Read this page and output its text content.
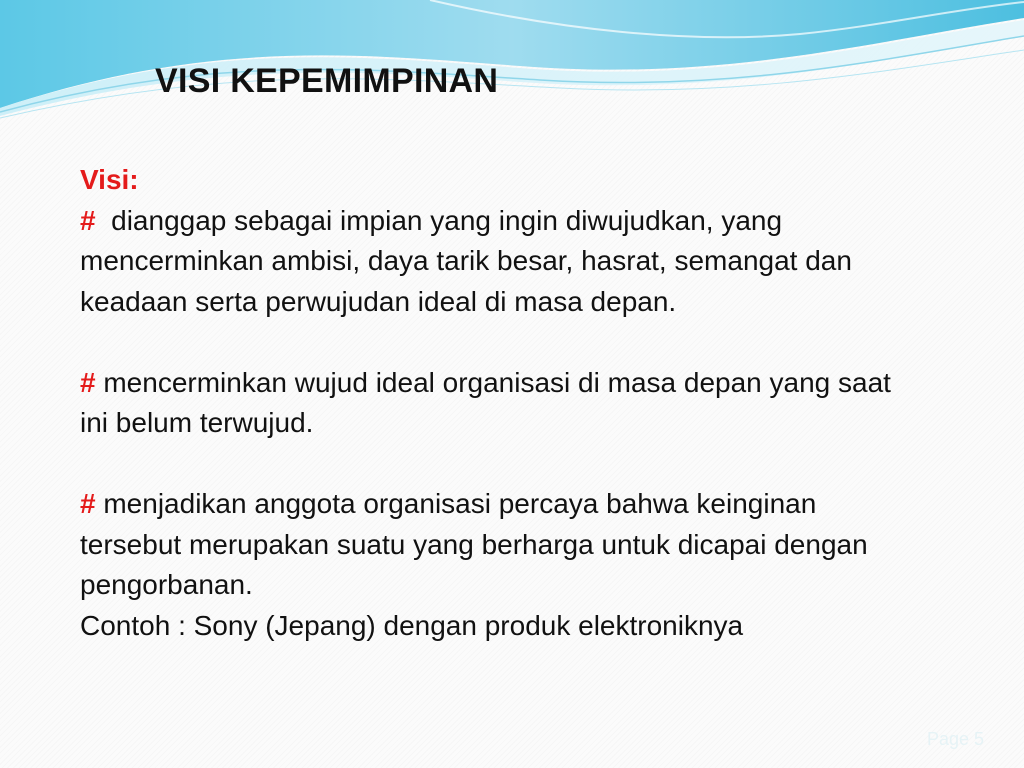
VISI KEPEMIMPINAN

Visi:

#  dianggap sebagai impian yang ingin diwujudkan, yang mencerminkan ambisi, daya tarik besar, hasrat, semangat dan keadaan serta perwujudan ideal di masa depan.

# mencerminkan wujud ideal organisasi di masa depan yang saat ini belum terwujud.

# menjadikan anggota organisasi percaya bahwa keinginan tersebut merupakan suatu yang berharga untuk dicapai dengan pengorbanan.

Contoh : Sony (Jepang) dengan produk elektroniknya

Page 5
